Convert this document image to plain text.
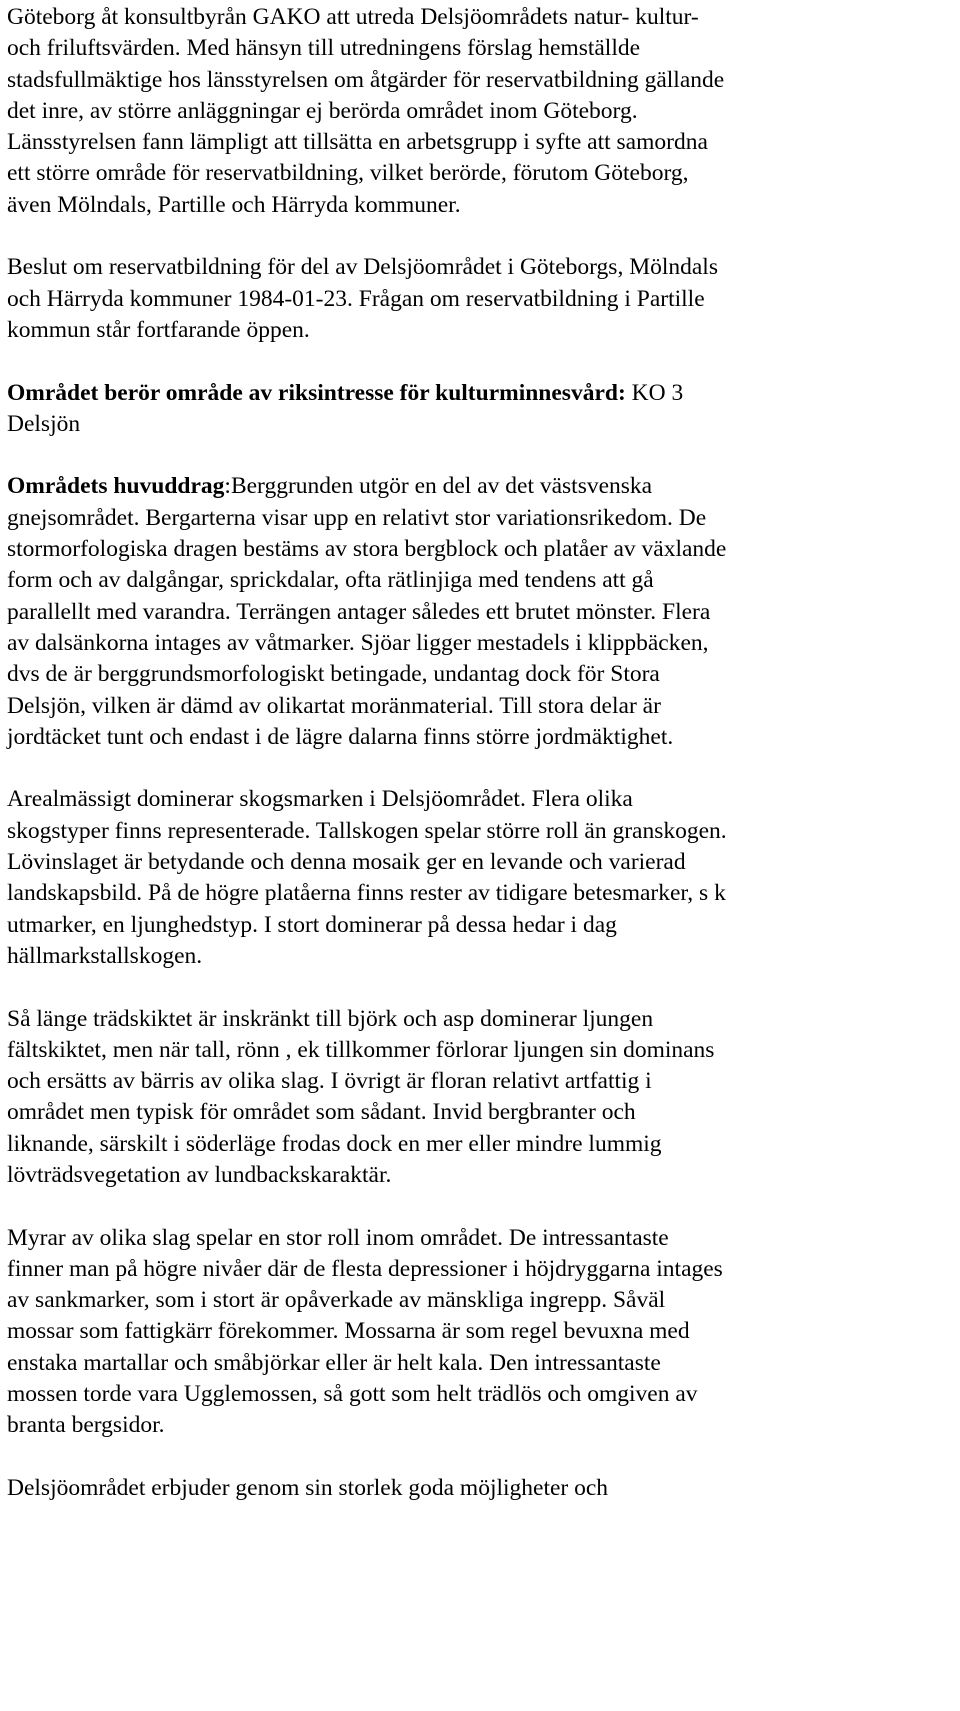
Göteborg åt konsultbyrån GAKO att utreda Delsjöområdets natur- kultur-

och friluftsvärden. Med hänsyn till utredningens förslag hemställde

stadsfullmäktige hos länsstyrelsen om åtgärder för reservatbildning gällande

det inre, av större anläggningar ej berörda området inom Göteborg.

Länsstyrelsen fann lämpligt att tillsätta en arbetsgrupp i syfte att samordna

ett större område för reservatbildning, vilket berörde, förutom Göteborg,

även Mölndals, Partille och Härryda kommuner.

Beslut om reservatbildning för del av Delsjöområdet i Göteborgs, Mölndals

och Härryda kommuner 1984-01-23. Frågan om reservatbildning i Partille

kommun står fortfarande öppen.

Området berör område av riksintresse för kulturminnesvård: KO 3

Delsjön

Områdets huvuddrag:Berggrunden utgör en del av det västsvenska

gnejsområdet. Bergarterna visar upp en relativt stor variationsrikedom. De

stormorfologiska dragen bestäms av stora bergblock och platåer av växlande

form och av dalgångar, sprickdalar, ofta rätlinjiga med tendens att gå

parallellt med varandra. Terrängen antager således ett brutet mönster. Flera

av dalsänkorna intages av våtmarker. Sjöar ligger mestadels i klippbäcken,

dvs de är berggrundsmorfologiskt betingade, undantag dock för Stora

Delsjön, vilken är dämd av olikartat moränmaterial. Till stora delar är

jordtäcket tunt och endast i de lägre dalarna finns större jordmäktighet.

Arealmässigt dominerar skogsmarken i Delsjöområdet. Flera olika

skogstyper finns representerade. Tallskogen spelar större roll än granskogen.

Lövinslaget är betydande och denna mosaik ger en levande och varierad

landskapsbild. På de högre platåerna finns rester av tidigare betesmarker, s k

utmarker, en ljunghedstyp. I stort dominerar på dessa hedar i dag

hällmarkstallskogen.

Så länge trädskiktet är inskränkt till björk och asp dominerar ljungen

fältskiktet, men när tall, rönn , ek tillkommer förlorar ljungen sin dominans

och ersätts av bärris av olika slag. I övrigt är floran relativt artfattig i

området men typisk för området som sådant. Invid bergbranter och

liknande, särskilt i söderläge frodas dock en mer eller mindre lummig

lövträdsvegetation av lundbackskaraktär.

Myrar av olika slag spelar en stor roll inom området. De intressantaste

finner man på högre nivåer där de flesta depressioner i höjdryggarna intages

av sankmarker, som i stort är opåverkade av mänskliga ingrepp. Såväl

mossar som fattigkärr förekommer. Mossarna är som regel bevuxna med

enstaka martallar och småbjörkar eller är helt kala. Den intressantaste

mossen torde vara Ugglemossen, så gott som helt trädlös och omgiven av

branta bergsidor.

Delsjöområdet erbjuder genom sin storlek goda möjligheter och
